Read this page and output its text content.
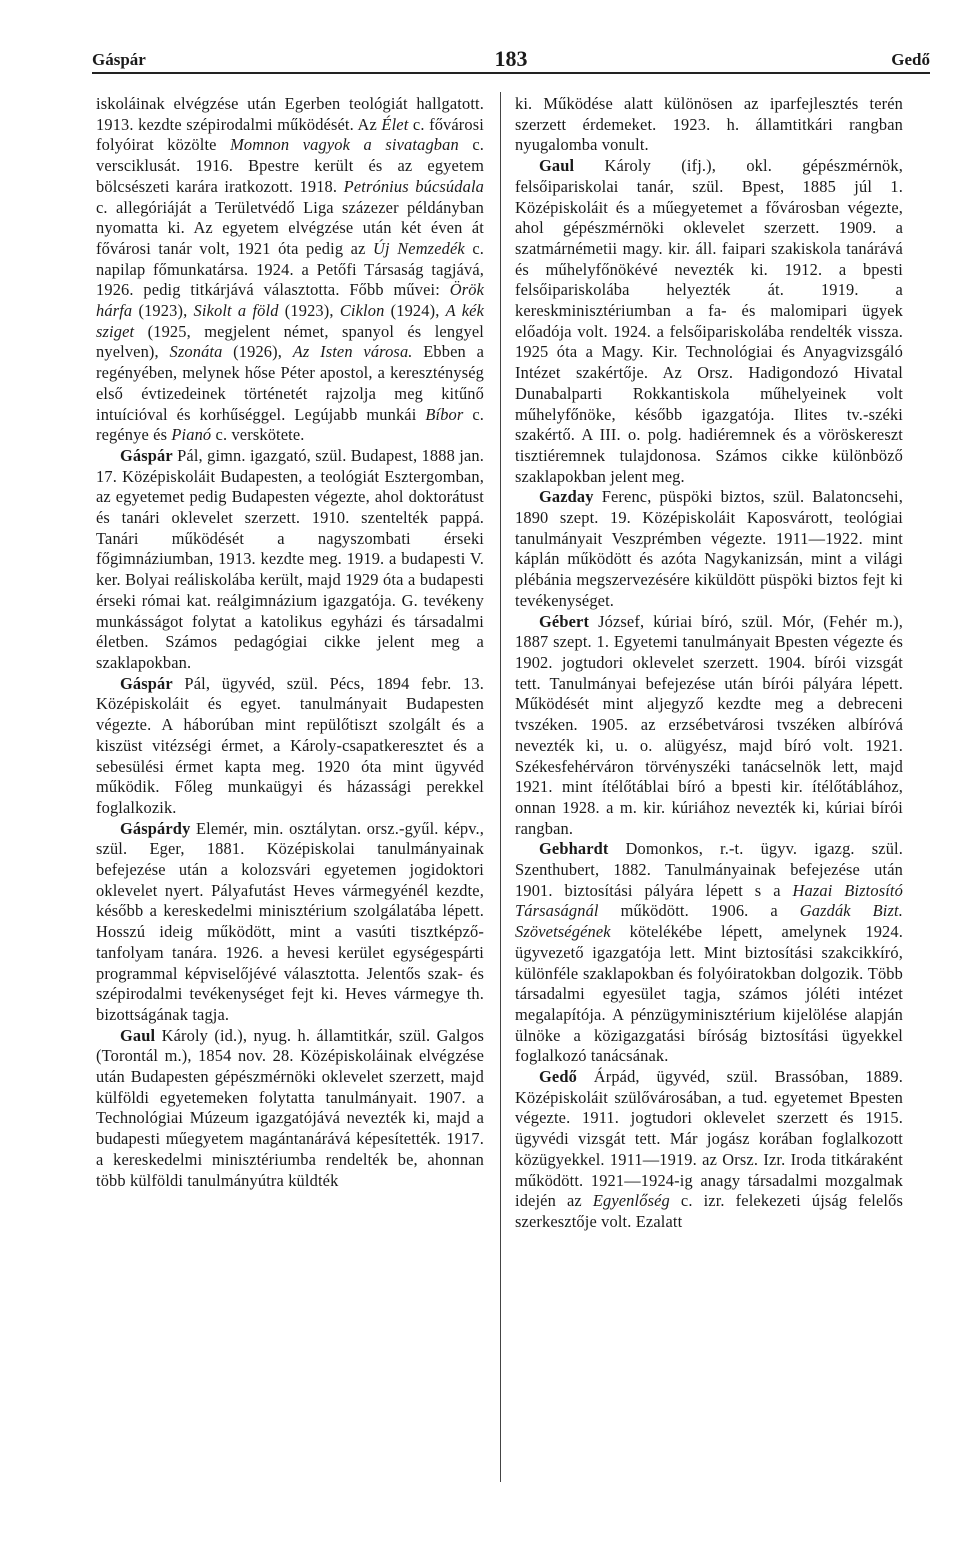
Gáspár	183	Gedő

iskoláinak elvégzése után Egerben teológiát hallgatott. 1913. kezdte szépirodalmi működését. Az Élet c. fővárosi folyóirat közölte Momnon vagyok a sivatagban c. versciklusát. 1916. Bpestre került és az egyetem bölcsészeti karára iratkozott. 1918. Petrónius búcsúdala c. allegóriáját a Területvédő Liga százezer példányban nyomatta ki. Az egyetem elvégzése után két éven át fővárosi tanár volt, 1921 óta pedig az Új Nemzedék c. napilap főmunkatársa. 1924. a Petőfi Társaság tagjává, 1926. pedig titkárjává választotta. Főbb művei: Örök hárfa (1923), Sikolt a föld (1923), Ciklon (1924), A kék sziget (1925, megjelent német, spanyol és lengyel nyelven), Szonáta (1926), Az Isten városa. Ebben a regényében, melynek hőse Péter apostol, a kereszténység első évtizedeinek történetét rajzolja meg kitűnő intuícióval és korhűséggel. Legújabb munkái Bíbor c. regénye és Pianó c. verskötete.

Gáspár Pál, gimn. igazgató, szül. Budapest, 1888 jan. 17. Középiskoláit Budapesten, a teológiát Esztergomban, az egyetemet pedig Budapesten végezte, ahol doktorátust és tanári oklevelet szerzett. 1910. szentelték pappá. Tanári működését a nagyszombati érseki főgimnáziumban, 1913. kezdte meg. 1919. a budapesti V. ker. Bolyai reáliskolába került, majd 1929 óta a budapesti érseki római kat. reálgimnázium igazgatója. G. tevékeny munkásságot folytat a katolikus egyházi és társadalmi életben. Számos pedagógiai cikke jelent meg a szaklapokban.

Gáspár Pál, ügyvéd, szül. Pécs, 1894 febr. 13. Középiskoláit és egyet. tanulmányait Budapesten végezte. A háborúban mint repülőtiszt szolgált és a kiszüst vitézségi érmet, a Károly-csapatkeresztet és a sebesülési érmet kapta meg. 1920 óta mint ügyvéd működik. Főleg munkaügyi és házassági perekkel foglalkozik.

Gáspárdy Elemér, min. osztálytan. orsz.-gyűl. képv., szül. Eger, 1881. Középiskolai tanulmányainak befejezése után a kolozsvári egyetemen jogidoktori oklevelet nyert. Pályafutást Heves vármegyénél kezdte, később a kereskedelmi minisztérium szolgálatába lépett. Hosszú ideig működött, mint a vasúti tisztképző-tanfolyam tanára. 1926. a hevesi kerület egységespárti programmal képviselőjévé választotta. Jelentős szak- és szépirodalmi tevékenységet fejt ki. Heves vármegye th. bizottságának tagja.

Gaul Károly (id.), nyug. h. államtitkár, szül. Galgos (Torontál m.), 1854 nov. 28. Középiskoláinak elvégzése után Budapesten gépészmérnöki oklevelet szerzett, majd külföldi egyetemeken folytatta tanulmányait. 1907. a Technológiai Múzeum igazgatójává nevezték ki, majd a budapesti műegyetem magántanárává képesítették. 1917. a kereskedelmi minisztériumba rendelték be, ahonnan több külföldi tanulmányútra küldték

ki. Működése alatt különösen az iparfejlesztés terén szerzett érdemeket. 1923. h. államtitkári rangban nyugalomba vonult.

Gaul Károly (ifj.), okl. gépészmérnök, felsőipariskolai tanár, szül. Bpest, 1885 júl 1. Középiskoláit és a műegyetemet a fővárosban végezte, ahol gépészmérnöki oklevelet szerzett. 1909. a szatmárnémetii magy. kir. áll. faipari szakiskola tanárává és műhelyfőnökévé nevezték ki. 1912. a bpesti felsőipariskolába helyezték át. 1919. a kereskminisztériumban a fa- és malomipari ügyek előadója volt. 1924. a felsőipariskolába rendelték vissza. 1925 óta a Magy. Kir. Technológiai és Anyagvizsgáló Intézet szakértője. Az Orsz. Hadigondozó Hivatal Dunabalparti Rokkantiskola műhelyeinek volt műhelyfőnöke, később igazgatója. Ilites tv.-széki szakértő. A III. o. polg. hadiéremnek és a vöröskereszt tisztiéremnek tulajdonosa. Számos cikke különböző szaklapokban jelent meg.

Gazday Ferenc, püspöki biztos, szül. Balatoncsehi, 1890 szept. 19. Középiskoláit Kaposvárott, teológiai tanulmányait Veszprémben végezte. 1911—1922. mint káplán működött és azóta Nagykanizsán, mint a világi plébánia megszervezésére kiküldött püspöki biztos fejt ki tevékenységet.

Gébert József, kúriai bíró, szül. Mór, (Fehér m.), 1887 szept. 1. Egyetemi tanulmányait Bpesten végezte és 1902. jogtudori oklevelet szerzett. 1904. bírói vizsgát tett. Tanulmányai befejezése után bírói pályára lépett. Működését mint aljegyző kezdte meg a debreceni tvszéken. 1905. az erzsébetvárosi tvszéken albíróvá nevezték ki, u. o. alügyész, majd bíró volt. 1921. Székesfehérváron törvényszéki tanácselnök lett, majd 1921. mint ítélőtáblai bíró a bpesti kir. ítélőtáblához, onnan 1928. a m. kir. kúriához nevezték ki, kúriai bírói rangban.

Gebhardt Domonkos, r.-t. ügyv. igazg. szül. Szenthubert, 1882. Tanulmányainak befejezése után 1901. biztosítási pályára lépett s a Hazai Biztosító Társaságnál működött. 1906. a Gazdák Bizt. Szövetségének kötelékébe lépett, amelynek 1924. ügyvezető igazgatója lett. Mint biztosítási szakcikkíró, különféle szaklapokban és folyóiratokban dolgozik. Több társadalmi egyesület tagja, számos jóléti intézet megalapítója. A pénzügyminisztérium kijelölése alapján ülnöke a közigazgatási bíróság biztosítási ügyekkel foglalkozó tanácsának.

Gedő Árpád, ügyvéd, szül. Brassóban, 1889. Középiskoláit szülővárosában, a tud. egyetemet Bpesten végezte. 1911. jogtudori oklevelet szerzett és 1915. ügyvédi vizsgát tett. Már jogász korában foglalkozott közügyekkel. 1911—1919. az Orsz. Izr. Iroda titkáraként működött. 1921—1924-ig anagy társadalmi mozgalmak idején az Egyenlőség c. izr. felekezeti újság felelős szerkesztője volt. Ezalatt
